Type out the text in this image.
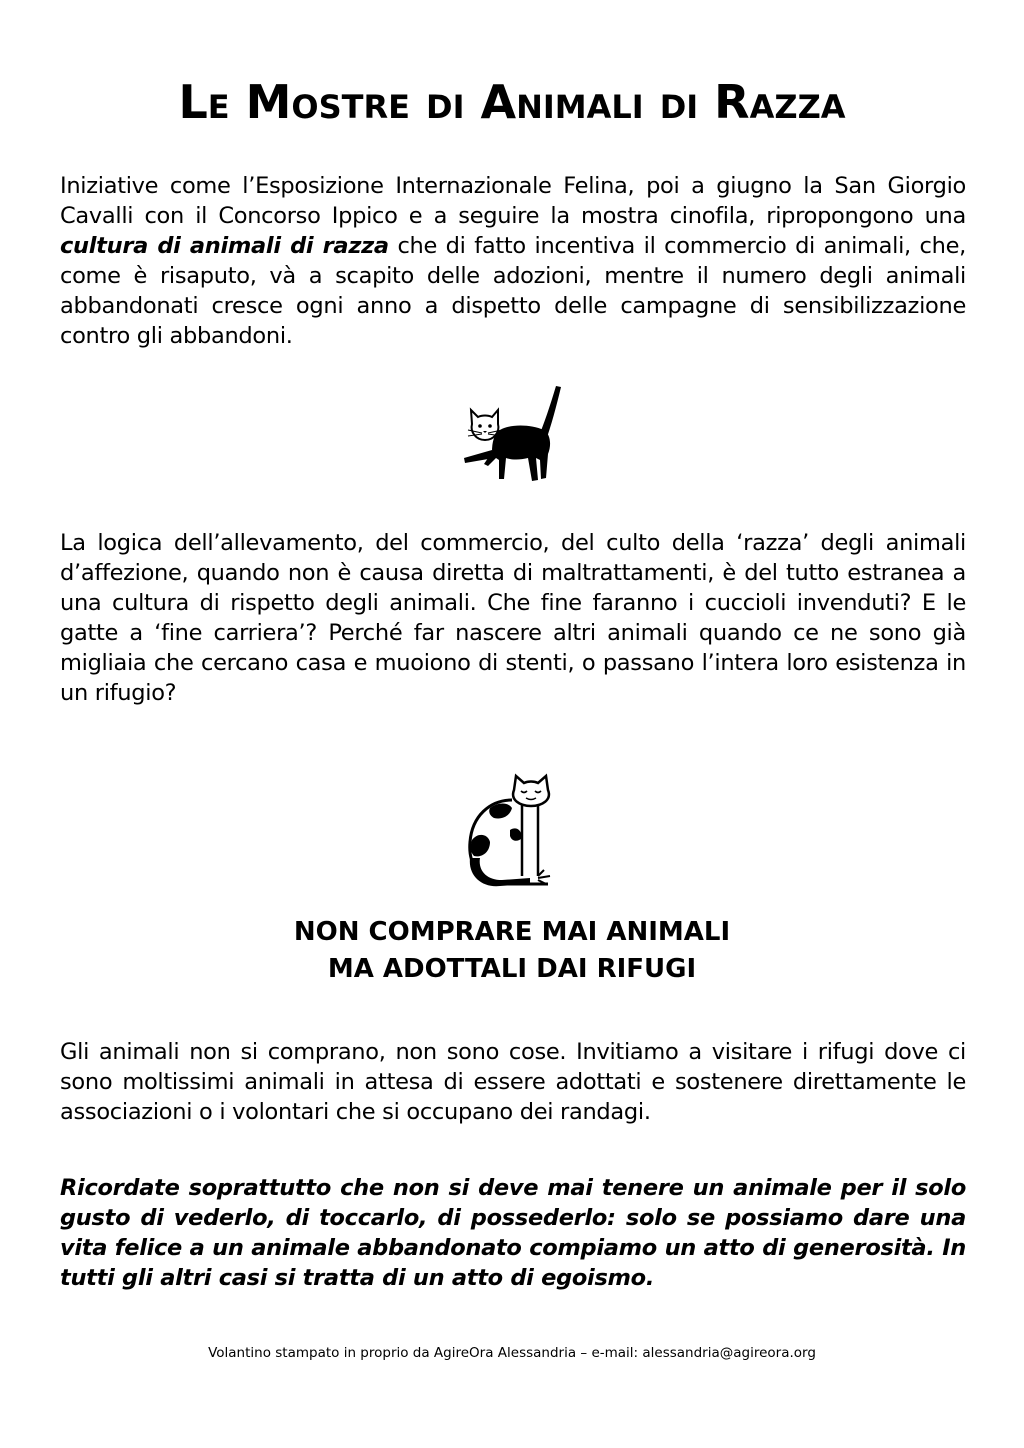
Le Mostre di Animali di Razza

Iniziative come l’Esposizione Internazionale Felina, poi a giugno la San Giorgio Cavalli con il Concorso Ippico e a seguire la mostra cinofila, ripropongono una cultura di animali di razza che di fatto incentiva il commercio di animali, che, come è risaputo, và a scapito delle adozioni, mentre il numero degli animali abbandonati cresce ogni anno a dispetto delle campagne di sensibilizzazione contro gli abbandoni.

La logica dell’allevamento, del commercio, del culto della ‘razza’ degli animali d’affezione, quando non è causa diretta di maltrattamenti, è del tutto estranea a una cultura di rispetto degli animali. Che fine faranno i cuccioli invenduti? E le gatte a ‘fine carriera’? Perché far nascere altri animali quando ce ne sono già migliaia che cercano casa e muoiono di stenti, o passano l’intera loro esistenza in un rifugio?

NON COMPRARE MAI ANIMALI
MA ADOTTALI DAI RIFUGI

Gli animali non si comprano, non sono cose. Invitiamo a visitare i rifugi dove ci sono moltissimi animali in attesa di essere adottati e sostenere direttamente le associazioni o i volontari che si occupano dei randagi.

Ricordate soprattutto che non si deve mai tenere un animale per il solo gusto di vederlo, di toccarlo, di possederlo: solo se possiamo dare una vita felice a un animale abbandonato compiamo un atto di generosità. In tutti gli altri casi si tratta di un atto di egoismo.

Volantino stampato in proprio da AgireOra Alessandria – e-mail: alessandria@agireora.org
